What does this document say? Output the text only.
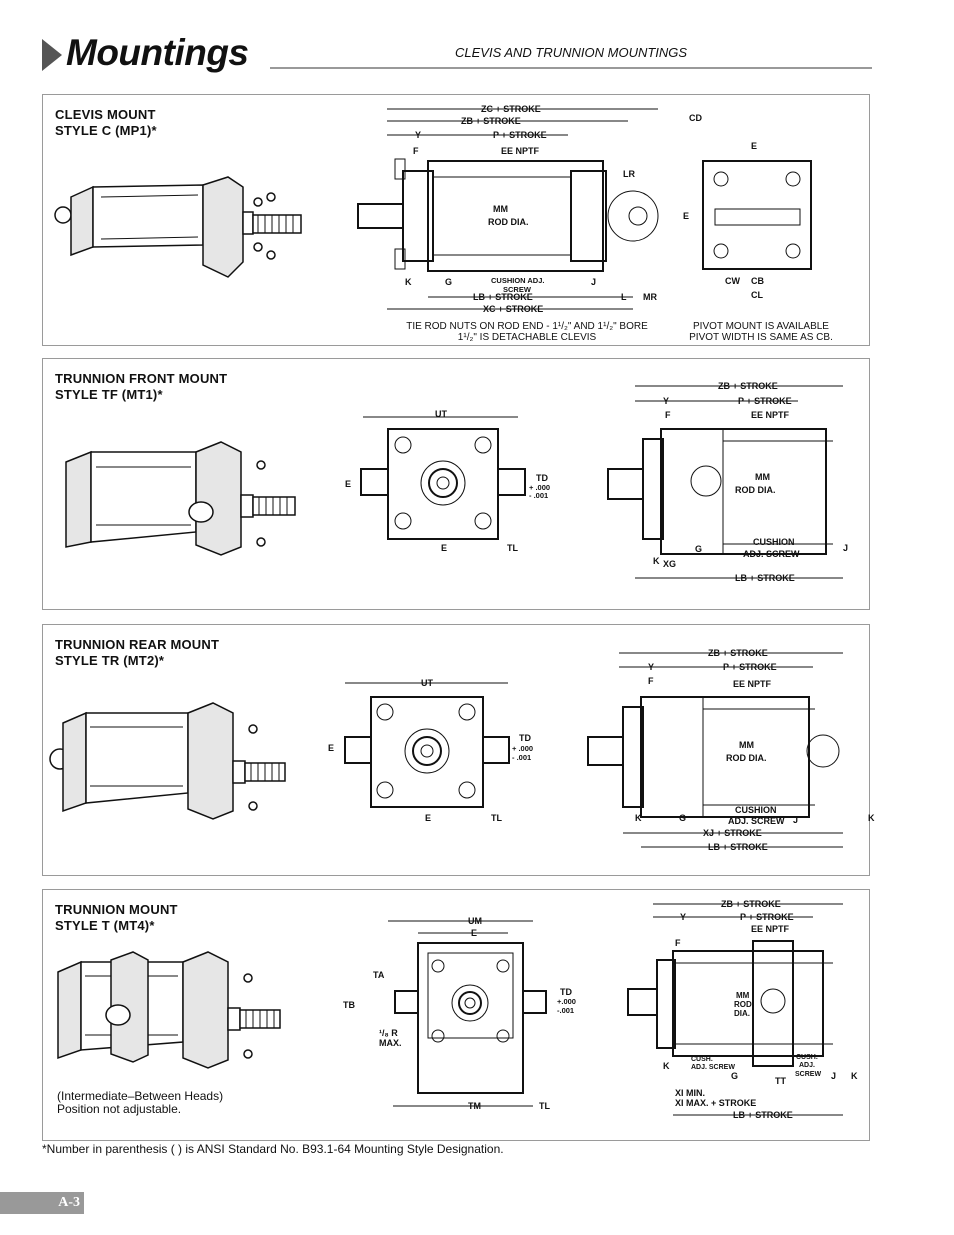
Mountings	CLEVIS AND TRUNNION MOUNTINGS
CLEVIS MOUNT
STYLE C (MP1)*
ZC + STROKE
ZB + STROKE
Y	P + STROKE
F	EE NPTF
CD
LR
MM
ROD DIA.
CUSHION ADJ.
SCREW
K	G	J
LB + STROKE	L MR
XC + STROKE
E
E
CW CB
CL
TIE ROD NUTS ON ROD END - 1¹/₂" AND 1¹/₂" BORE
1¹/₂" IS DETACHABLE CLEVIS
PIVOT MOUNT IS AVAILABLE
PIVOT WIDTH IS SAME AS CB.
TRUNNION FRONT MOUNT
STYLE TF (MT1)*
UT
E
E	TL
TD
+ .000
- .001
ZB + STROKE
Y	P + STROKE
F	EE NPTF
MM
ROD DIA.
CUSHION
ADJ. SCREW
K
G	J
XG
LB + STROKE
TRUNNION REAR MOUNT
STYLE TR (MT2)*
UT
E
E	TL
TD
+ .000
- .001
ZB + STROKE
Y	P + STROKE
F	EE NPTF
MM
ROD DIA.
CUSHION
ADJ. SCREW
K	G	J	K
XJ + STROKE
LB + STROKE
TRUNNION MOUNT
STYLE T (MT4)*
(Intermediate–Between Heads)
Position not adjustable.
UM
E
TA
TB
¹/₈ R
MAX.
TD
+.000
-.001
TM	TL
ZB + STROKE
Y	P + STROKE
EE NPTF
F
MM
ROD
DIA.
CUSH.
ADJ. SCREW
CUSH.
ADJ.
SCREW
K
G	J K
TT
XI MIN.
XI MAX. + STROKE
LB + STROKE
*Number in parenthesis ( ) is ANSI Standard No. B93.1-64 Mounting Style Designation.
A-3
